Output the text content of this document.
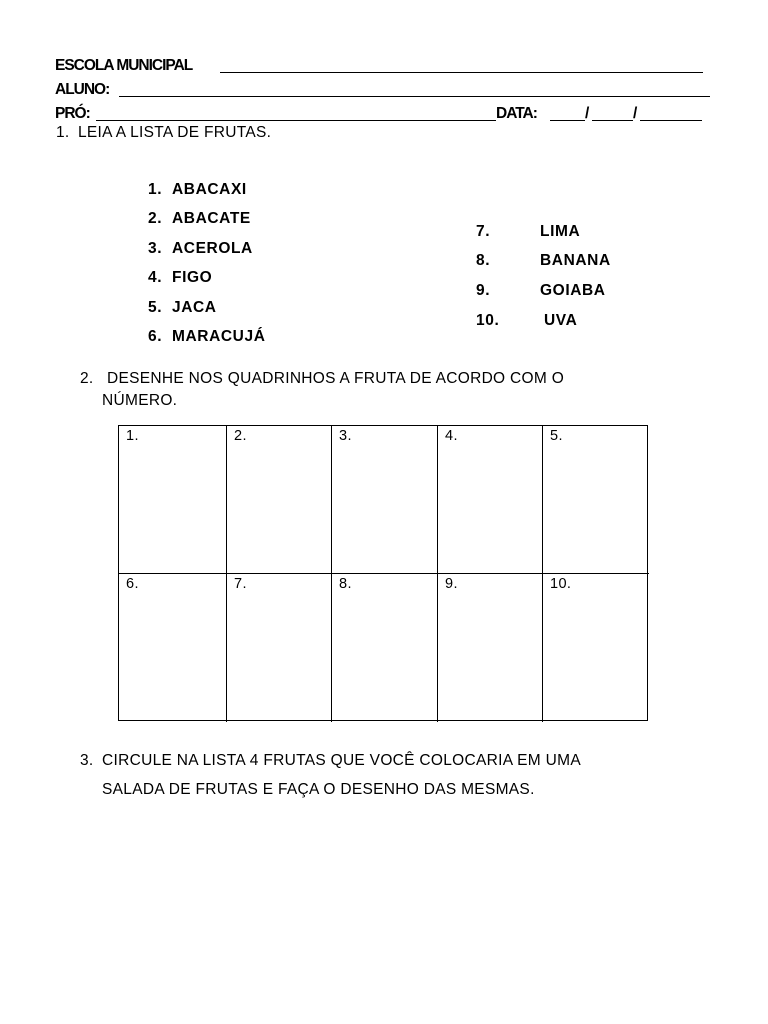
ESCOLA MUNICIPAL
ALUNO:
PRÓ:	DATA:	/	/
1. LEIA A LISTA DE FRUTAS.
1. ABACAXI
2. ABACATE
3. ACEROLA
4. FIGO
5. JACA
6. MARACUJÁ
7.	LIMA
8.	BANANA
9.	GOIABA
10.	UVA
2. DESENHE NOS QUADRINHOS A FRUTA DE ACORDO COM O
NÚMERO.
1.	2.	3.	4.	5.
6.	7.	8.	9.	10.
3. CIRCULE NA LISTA 4 FRUTAS QUE VOCÊ COLOCARIA EM UMA
SALADA DE FRUTAS E FAÇA O DESENHO DAS MESMAS.
